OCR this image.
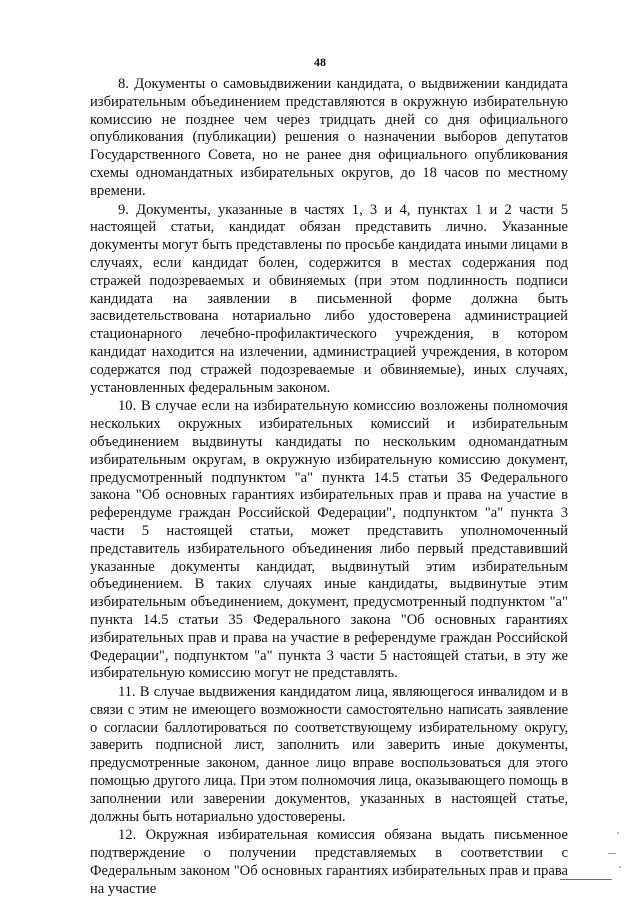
48

8. Документы о самовыдвижении кандидата, о выдвижении кандидата избирательным объединением представляются в окружную избирательную комиссию не позднее чем через тридцать дней со дня официального опубликования (публикации) решения о назначении выборов депутатов Государственного Совета, но не ранее дня официального опубликования схемы одномандатных избирательных округов, до 18 часов по местному времени.

9. Документы, указанные в частях 1, 3 и 4, пунктах 1 и 2 части 5 настоящей статьи, кандидат обязан представить лично. Указанные документы могут быть представлены по просьбе кандидата иными лицами в случаях, если кандидат болен, содержится в местах содержания под стражей подозреваемых и обвиняемых (при этом подлинность подписи кандидата на заявлении в письменной форме должна быть засвидетельствована нотариально либо удостоверена администрацией стационарного лечебно-профилактического учреждения, в котором кандидат находится на излечении, администрацией учреждения, в котором содержатся под стражей подозреваемые и обвиняемые), иных случаях, установленных федеральным законом.

10. В случае если на избирательную комиссию возложены полномочия нескольких окружных избирательных комиссий и избирательным объединением выдвинуты кандидаты по нескольким одномандатным избирательным округам, в окружную избирательную комиссию документ, предусмотренный подпунктом "а" пункта 14.5 статьи 35 Федерального закона "Об основных гарантиях избирательных прав и права на участие в референдуме граждан Российской Федерации", подпунктом "а" пункта 3 части 5 настоящей статьи, может представить уполномоченный представитель избирательного объединения либо первый представивший указанные документы кандидат, выдвинутый этим избирательным объединением. В таких случаях иные кандидаты, выдвинутые этим избирательным объединением, документ, предусмотренный подпунктом "а" пункта 14.5 статьи 35 Федерального закона "Об основных гарантиях избирательных прав и права на участие в референдуме граждан Российской Федерации", подпунктом "а" пункта 3 части 5 настоящей статьи, в эту же избирательную комиссию могут не представлять.

11. В случае выдвижения кандидатом лица, являющегося инвалидом и в связи с этим не имеющего возможности самостоятельно написать заявление о согласии баллотироваться по соответствующему избирательному округу, заверить подписной лист, заполнить или заверить иные документы, предусмотренные законом, данное лицо вправе воспользоваться для этого помощью другого лица. При этом полномочия лица, оказывающего помощь в заполнении или заверении документов, указанных в настоящей статье, должны быть нотариально удостоверены.

12. Окружная избирательная комиссия обязана выдать письменное подтверждение о получении представляемых в соответствии с Федеральным законом "Об основных гарантиях избирательных прав и права на участие
